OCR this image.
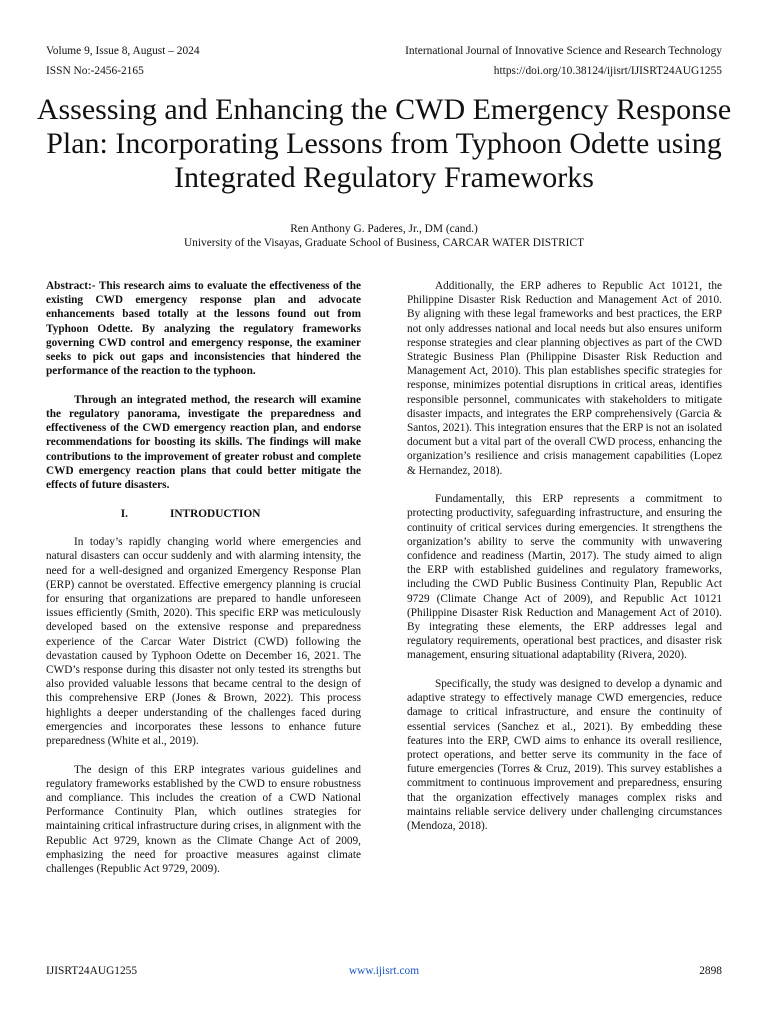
Volume 9, Issue 8, August – 2024
ISSN No:-2456-2165
International Journal of Innovative Science and Research Technology
https://doi.org/10.38124/ijisrt/IJISRT24AUG1255
Assessing and Enhancing the CWD Emergency Response Plan: Incorporating Lessons from Typhoon Odette using Integrated Regulatory Frameworks
Ren Anthony G. Paderes, Jr., DM (cand.)
University of the Visayas, Graduate School of Business, CARCAR WATER DISTRICT

Abstract:- This research aims to evaluate the effectiveness of the existing CWD emergency response plan and advocate enhancements based totally at the lessons found out from Typhoon Odette. By analyzing the regulatory frameworks governing CWD control and emergency response, the examiner seeks to pick out gaps and inconsistencies that hindered the performance of the reaction to the typhoon.

Through an integrated method, the research will examine the regulatory panorama, investigate the preparedness and effectiveness of the CWD emergency reaction plan, and endorse recommendations for boosting its skills. The findings will make contributions to the improvement of greater robust and complete CWD emergency reaction plans that could better mitigate the effects of future disasters.

I.	INTRODUCTION

In today’s rapidly changing world where emergencies and natural disasters can occur suddenly and with alarming intensity, the need for a well-designed and organized Emergency Response Plan (ERP) cannot be overstated. Effective emergency planning is crucial for ensuring that organizations are prepared to handle unforeseen issues efficiently (Smith, 2020). This specific ERP was meticulously developed based on the extensive response and preparedness experience of the Carcar Water District (CWD) following the devastation caused by Typhoon Odette on December 16, 2021. The CWD’s response during this disaster not only tested its strengths but also provided valuable lessons that became central to the design of this comprehensive ERP (Jones & Brown, 2022). This process highlights a deeper understanding of the challenges faced during emergencies and incorporates these lessons to enhance future preparedness (White et al., 2019).

The design of this ERP integrates various guidelines and regulatory frameworks established by the CWD to ensure robustness and compliance. This includes the creation of a CWD National Performance Continuity Plan, which outlines strategies for maintaining critical infrastructure during crises, in alignment with the Republic Act 9729, known as the Climate Change Act of 2009, emphasizing the need for proactive measures against climate challenges (Republic Act 9729, 2009).

Additionally, the ERP adheres to Republic Act 10121, the Philippine Disaster Risk Reduction and Management Act of 2010. By aligning with these legal frameworks and best practices, the ERP not only addresses national and local needs but also ensures uniform response strategies and clear planning objectives as part of the CWD Strategic Business Plan (Philippine Disaster Risk Reduction and Management Act, 2010). This plan establishes specific strategies for response, minimizes potential disruptions in critical areas, identifies responsible personnel, communicates with stakeholders to mitigate disaster impacts, and integrates the ERP comprehensively (Garcia & Santos, 2021). This integration ensures that the ERP is not an isolated document but a vital part of the overall CWD process, enhancing the organization’s resilience and crisis management capabilities (Lopez & Hernandez, 2018).

Fundamentally, this ERP represents a commitment to protecting productivity, safeguarding infrastructure, and ensuring the continuity of critical services during emergencies. It strengthens the organization’s ability to serve the community with unwavering confidence and readiness (Martin, 2017). The study aimed to align the ERP with established guidelines and regulatory frameworks, including the CWD Public Business Continuity Plan, Republic Act 9729 (Climate Change Act of 2009), and Republic Act 10121 (Philippine Disaster Risk Reduction and Management Act of 2010). By integrating these elements, the ERP addresses legal and regulatory requirements, operational best practices, and disaster risk management, ensuring situational adaptability (Rivera, 2020).

Specifically, the study was designed to develop a dynamic and adaptive strategy to effectively manage CWD emergencies, reduce damage to critical infrastructure, and ensure the continuity of essential services (Sanchez et al., 2021). By embedding these features into the ERP, CWD aims to enhance its overall resilience, protect operations, and better serve its community in the face of future emergencies (Torres & Cruz, 2019). This survey establishes a commitment to continuous improvement and preparedness, ensuring that the organization effectively manages complex risks and maintains reliable service delivery under challenging circumstances (Mendoza, 2018).

IJISRT24AUG1255	www.ijisrt.com	2898
